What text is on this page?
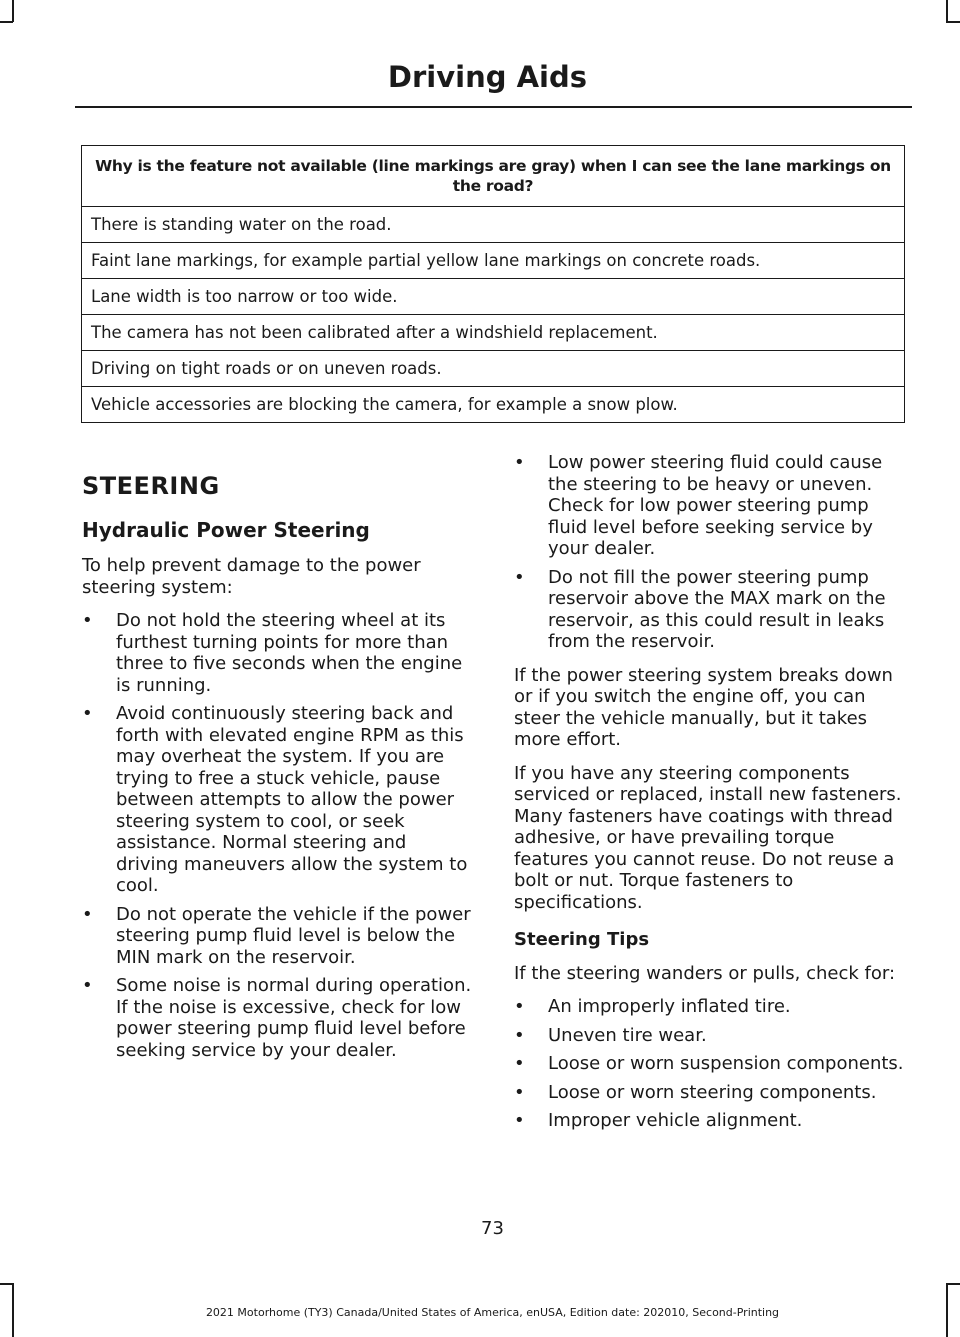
Driving Aids
Why is the feature not available (line markings are gray) when I can see the lane markings on the road?
There is standing water on the road.
Faint lane markings, for example partial yellow lane markings on concrete roads.
Lane width is too narrow or too wide.
The camera has not been calibrated after a windshield replacement.
Driving on tight roads or on uneven roads.
Vehicle accessories are blocking the camera, for example a snow plow.
STEERING
Hydraulic Power Steering

To help prevent damage to the power steering system:

• Do not hold the steering wheel at its furthest turning points for more than three to five seconds when the engine is running.
• Avoid continuously steering back and forth with elevated engine RPM as this may overheat the system. If you are trying to free a stuck vehicle, pause between attempts to allow the power steering system to cool, or seek assistance. Normal steering and driving maneuvers allow the system to cool.
• Do not operate the vehicle if the power steering pump fluid level is below the MIN mark on the reservoir.
• Some noise is normal during operation. If the noise is excessive, check for low power steering pump fluid level before seeking service by your dealer.
• Low power steering fluid could cause the steering to be heavy or uneven. Check for low power steering pump fluid level before seeking service by your dealer.
• Do not fill the power steering pump reservoir above the MAX mark on the reservoir, as this could result in leaks from the reservoir.

If the power steering system breaks down or if you switch the engine off, you can steer the vehicle manually, but it takes more effort.

If you have any steering components serviced or replaced, install new fasteners. Many fasteners have coatings with thread adhesive, or have prevailing torque features you cannot reuse. Do not reuse a bolt or nut. Torque fasteners to specifications.

Steering Tips

If the steering wanders or pulls, check for:

• An improperly inflated tire.
• Uneven tire wear.
• Loose or worn suspension components.
• Loose or worn steering components.
• Improper vehicle alignment.
73
2021 Motorhome (TY3) Canada/United States of America, enUSA, Edition date: 202010, Second-Printing
